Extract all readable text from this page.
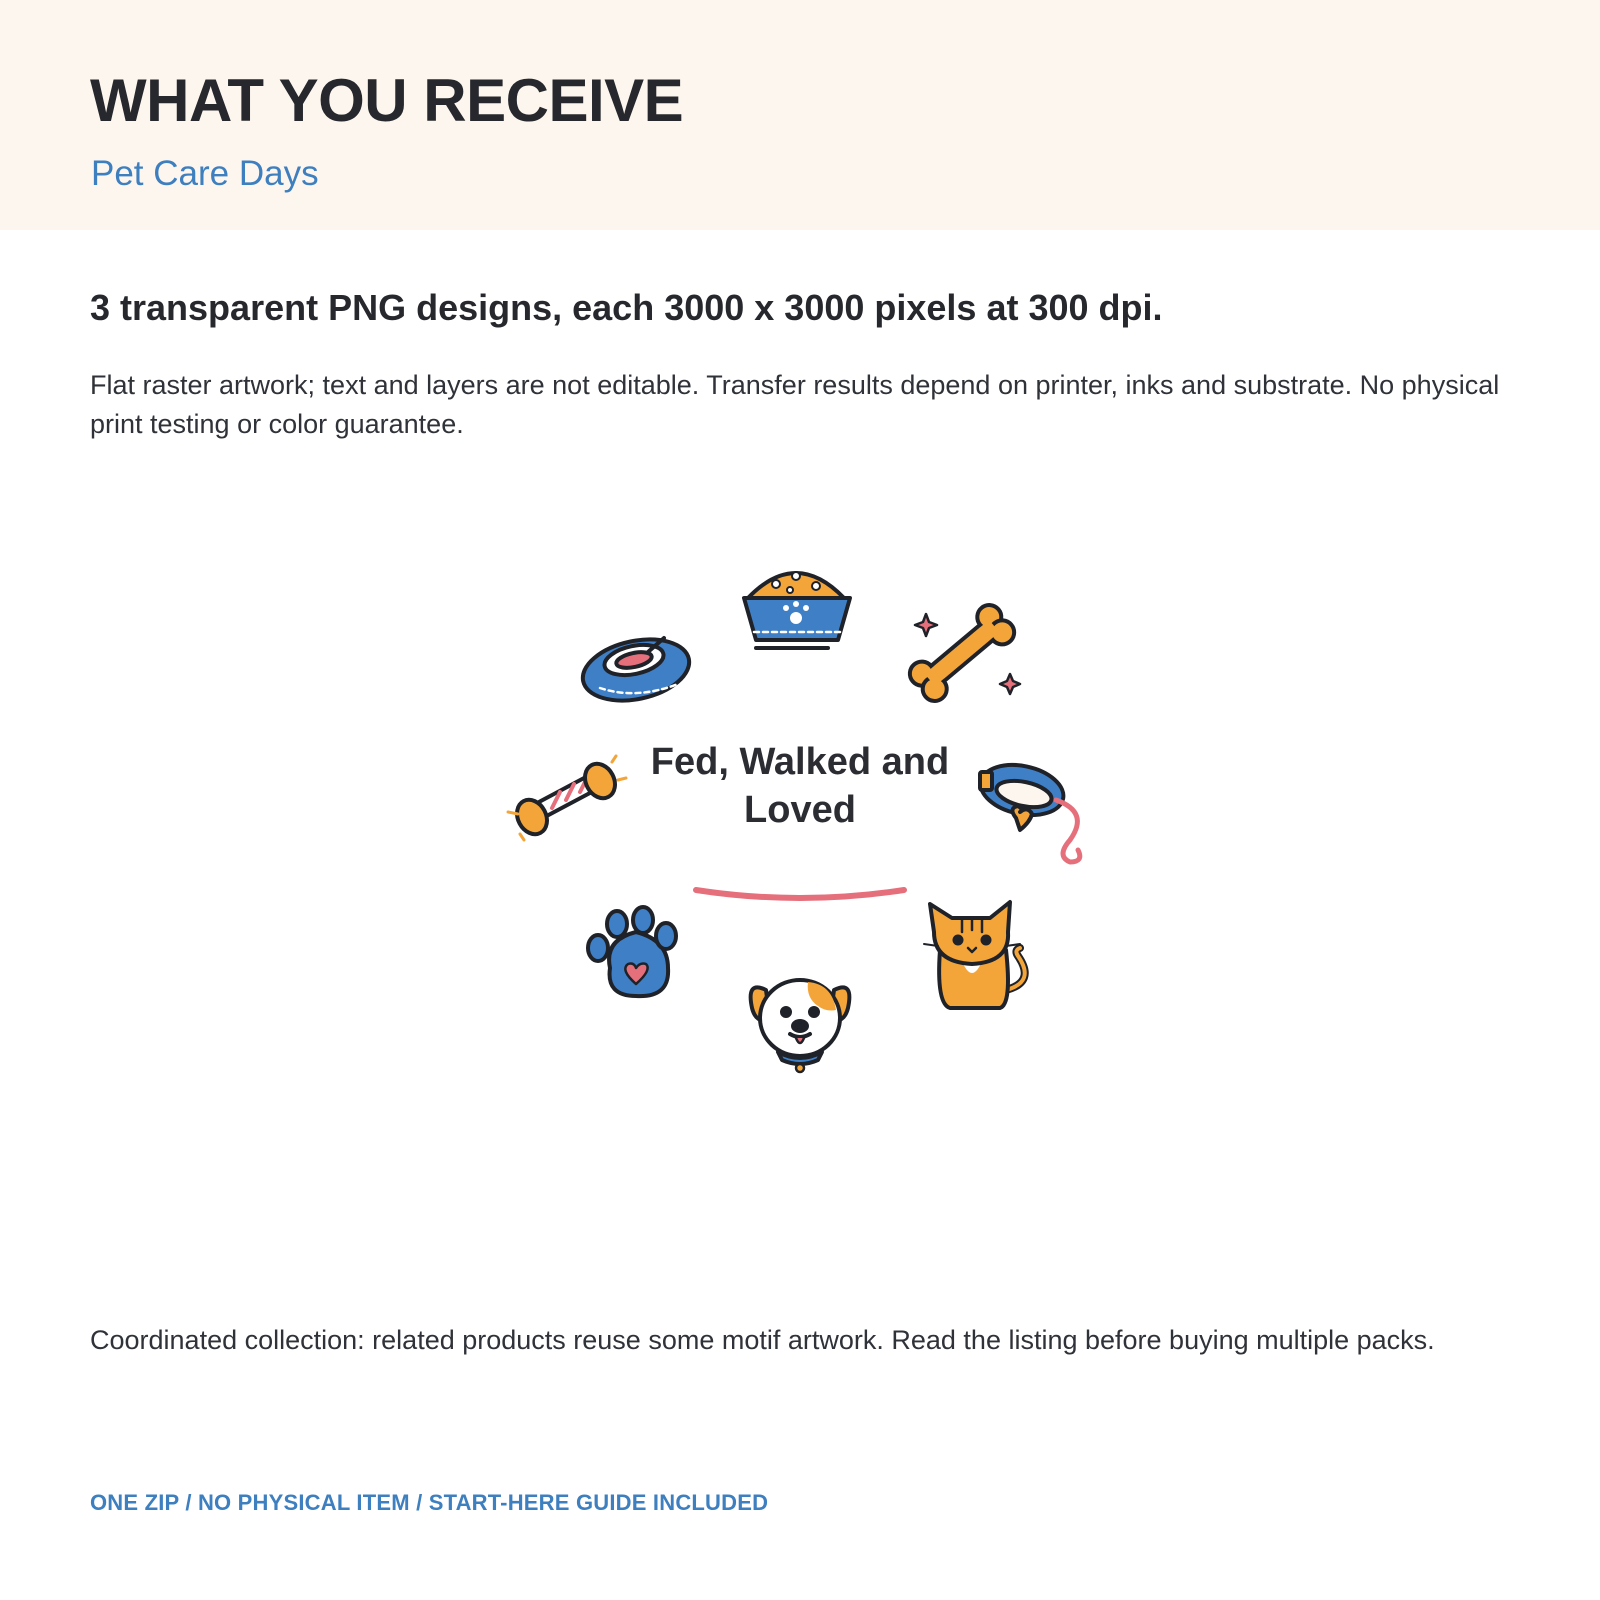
WHAT YOU RECEIVE
Pet Care Days
3 transparent PNG designs, each 3000 x 3000 pixels at 300 dpi.

Flat raster artwork; text and layers are not editable. Transfer results depend on printer, inks and substrate. No physical print testing or color guarantee.

Fed, Walked and Loved

Coordinated collection: related products reuse some motif artwork. Read the listing before buying multiple packs.

ONE ZIP / NO PHYSICAL ITEM / START-HERE GUIDE INCLUDED
